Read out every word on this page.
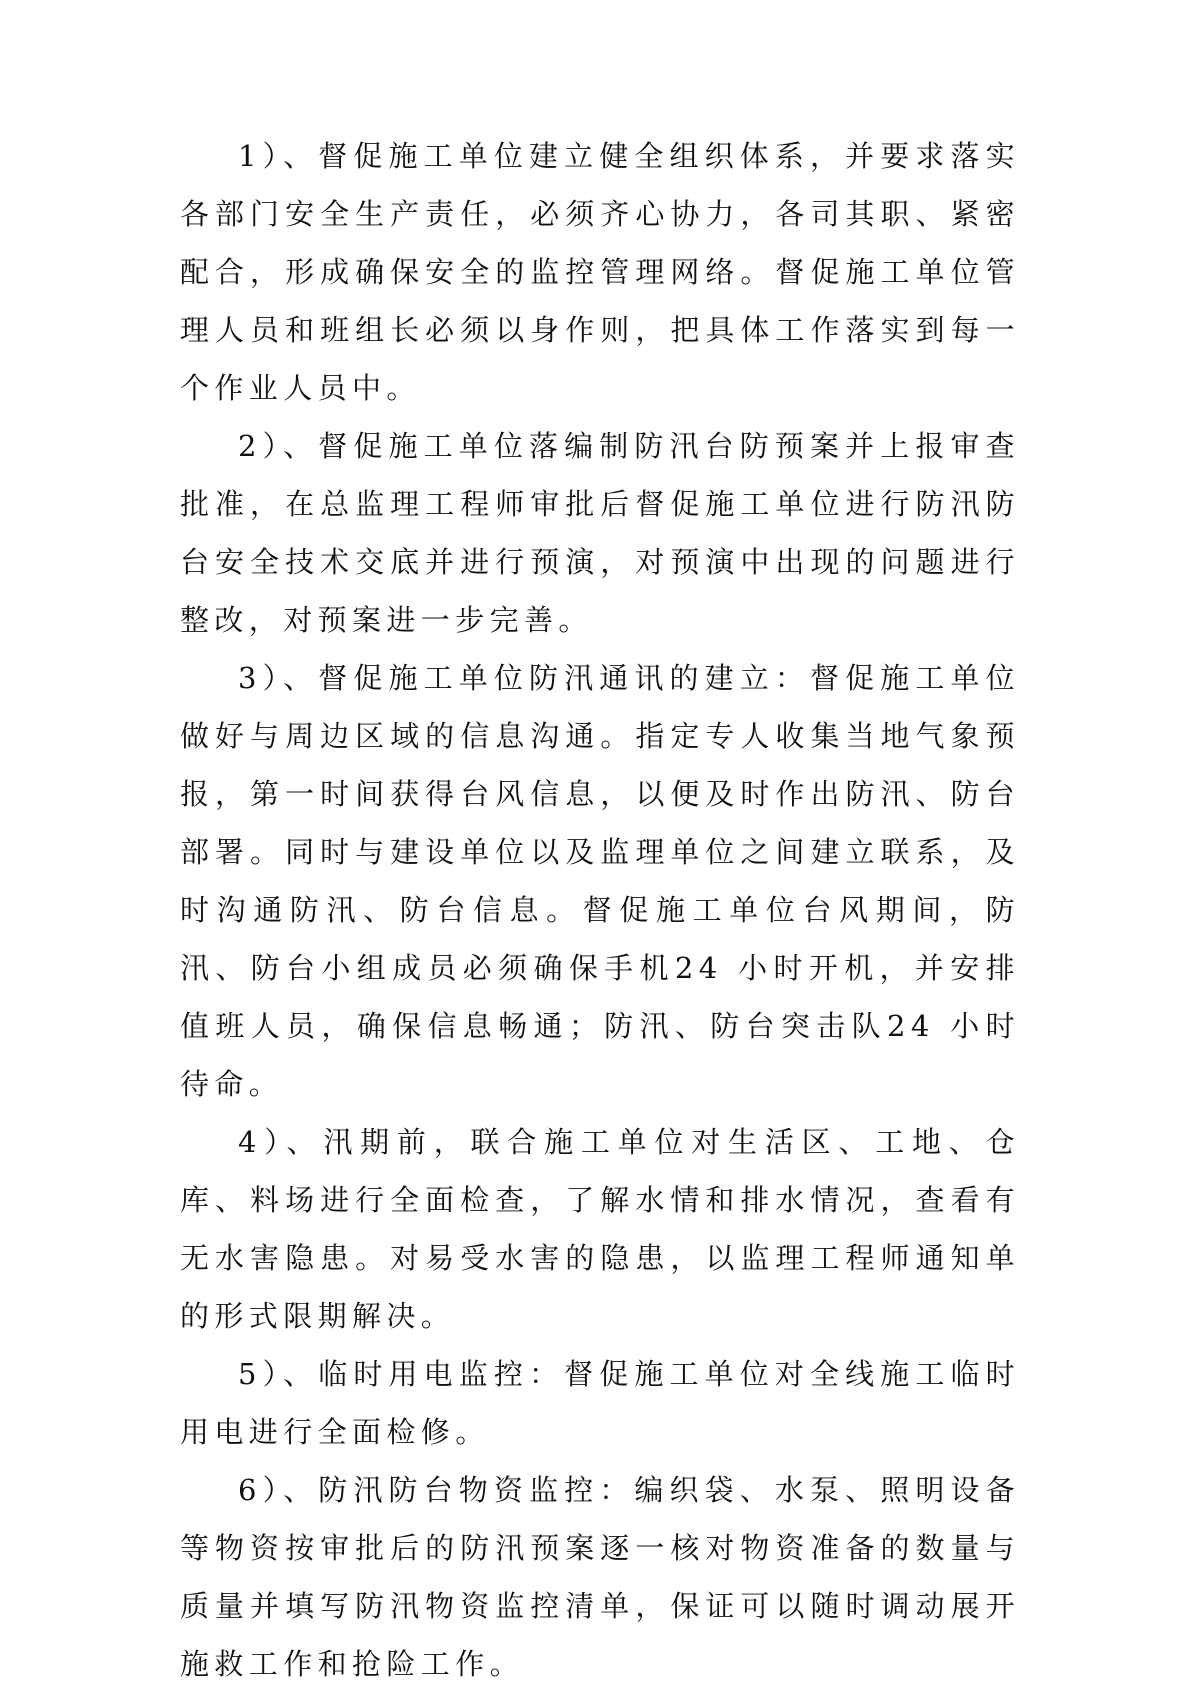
1）、督促施工单位建立健全组织体系，并要求落实各部门安全生产责任，必须齐心协力，各司其职、紧密配合，形成确保安全的监控管理网络。督促施工单位管理人员和班组长必须以身作则，把具体工作落实到每一个作业人员中。

2）、督促施工单位落编制防汛台防预案并上报审查批准，在总监理工程师审批后督促施工单位进行防汛防台安全技术交底并进行预演，对预演中出现的问题进行整改，对预案进一步完善。

3）、督促施工单位防汛通讯的建立：督促施工单位做好与周边区域的信息沟通。指定专人收集当地气象预报，第一时间获得台风信息，以便及时作出防汛、防台部署。同时与建设单位以及监理单位之间建立联系，及时沟通防汛、防台信息。督促施工单位台风期间，防汛、防台小组成员必须确保手机24 小时开机，并安排值班人员，确保信息畅通；防汛、防台突击队24 小时待命。

4）、汛期前，联合施工单位对生活区、工地、仓库、料场进行全面检查，了解水情和排水情况，查看有无水害隐患。对易受水害的隐患，以监理工程师通知单的形式限期解决。

5）、临时用电监控：督促施工单位对全线施工临时用电进行全面检修。

6）、防汛防台物资监控：编织袋、水泵、照明设备等物资按审批后的防汛预案逐一核对物资准备的数量与质量并填写防汛物资监控清单，保证可以随时调动展开施救工作和抢险工作。
